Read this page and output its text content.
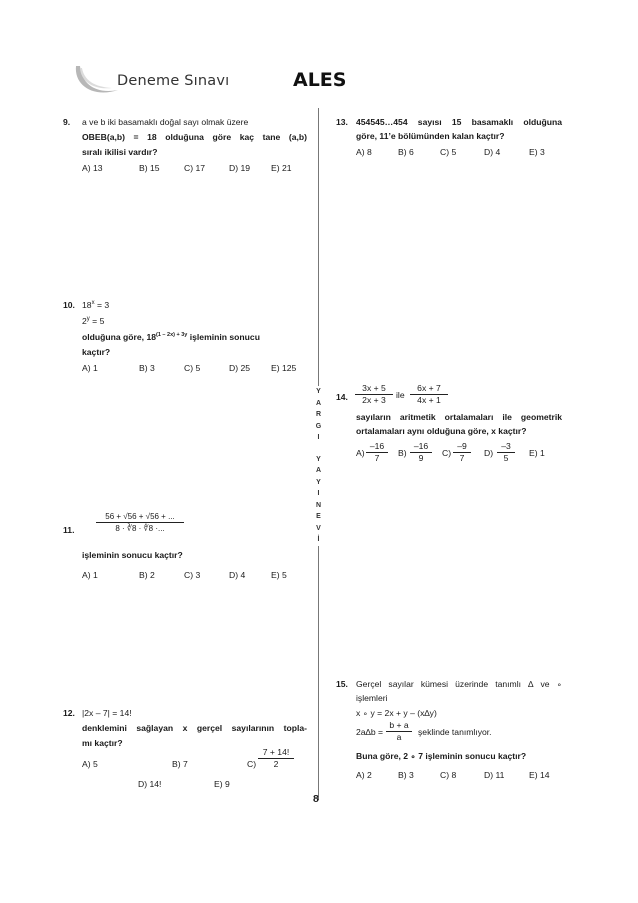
Deneme Sınavı	ALES
Y
A
R
G
I
Y
A
Y
I
N
E
V
İ
9. a ve b iki basamaklı doğal sayı olmak üzere
OBEB(a,b) = 18 olduğuna göre kaç tane (a,b)
sıralı ikilisi vardır?
A) 13	B) 15	C) 17	D) 19 E) 21
10. $18^x = 3$
$2^y = 5$
olduğuna göre, $18^{(1 - 2x) + 3y}$ işleminin sonucu
kaçtır?
A) 1	B) 3	C) 5	D) 25 E) 125
11.	$\frac{56 + √56 + √56 + ...}{8 \cdot ∛8 \cdot ∜8 \cdot...}$
işleminin sonucu kaçtır?
A) 1	B) 2	C) 3	D) 4	E) 5
12. |2x – 7| = 14!
denklemini sağlayan x gerçel sayılarının topla-
mı kaçtır?
A) 5	B) 7	$C) \frac{7 + 14!}{2}$
D) 14!	E) 9
13. 454545…454 sayısı 15 basamaklı olduğuna
göre, 11’e bölümünden kalan kaçtır?
A) 8	B) 6	C) 5	D) 4	E) 3
14. $\frac{3x + 5}{2x + 3}$ ile $\frac{6x + 7}{4x + 1}$
sayıların aritmetik ortalamaları ile geometrik
ortalamaları aynı olduğuna göre, x kaçtır?
$A) \frac{-16}{7} B) \frac{-16}{9} C) \frac{-9}{7} D) \frac{-3}{5} E$) 1
15. Gerçel sayılar kümesi üzerinde tanımlı ∆ ve ∘
işlemleri
x ∘ y = 2x + y – (x∆y)
$2a\Delta b = \frac{b + a}{a}$ şeklinde tanımlıyor.
Buna göre, 2 ∘ 7 işleminin sonucu kaçtır?
A) 2	B) 3	C) 8	D) 11	E) 14
8
